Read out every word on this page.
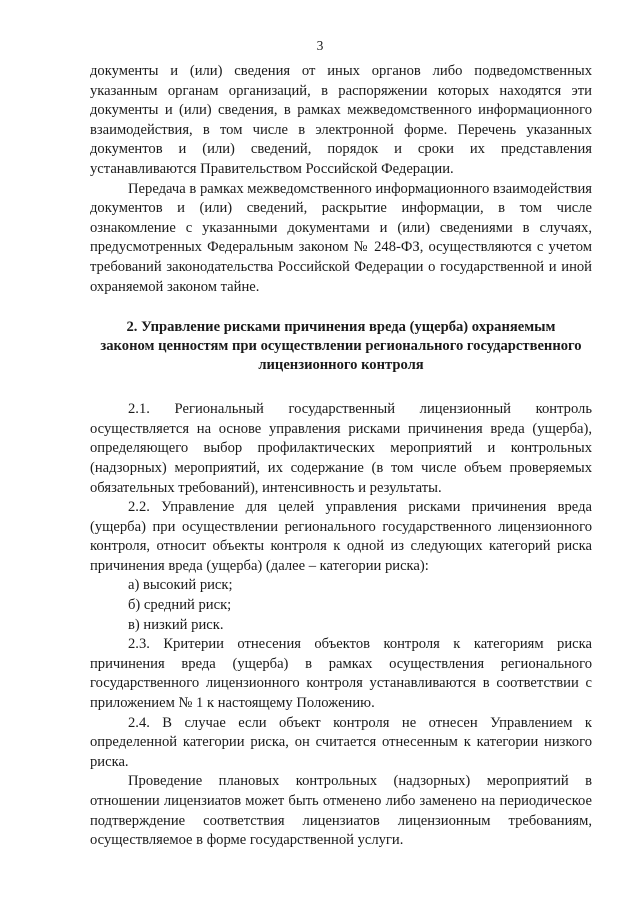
3

документы и (или) сведения от иных органов либо подведомственных указанным органам организаций, в распоряжении которых находятся эти документы и (или) сведения, в рамках межведомственного информационного взаимодействия, в том числе в электронной форме. Перечень указанных документов и (или) сведений, порядок и сроки их представления устанавливаются Правительством Российской Федерации.

Передача в рамках межведомственного информационного взаимодействия документов и (или) сведений, раскрытие информации, в том числе ознакомление с указанными документами и (или) сведениями в случаях, предусмотренных Федеральным законом № 248-ФЗ, осуществляются с учетом требований законодательства Российской Федерации о государственной и иной охраняемой законом тайне.

2. Управление рисками причинения вреда (ущерба) охраняемым
законом ценностям при осуществлении регионального государственного
лицензионного контроля

2.1. Региональный государственный лицензионный контроль осуществляется на основе управления рисками причинения вреда (ущерба), определяющего выбор профилактических мероприятий и контрольных (надзорных) мероприятий, их содержание (в том числе объем проверяемых обязательных требований), интенсивность и результаты.

2.2. Управление для целей управления рисками причинения вреда (ущерба) при осуществлении регионального государственного лицензионного контроля, относит объекты контроля к одной из следующих категорий риска причинения вреда (ущерба) (далее – категории риска):

а) высокий риск;

б) средний риск;

в) низкий риск.

2.3. Критерии отнесения объектов контроля к категориям риска причинения вреда (ущерба) в рамках осуществления регионального государственного лицензионного контроля устанавливаются в соответствии с приложением № 1 к настоящему Положению.

2.4. В случае если объект контроля не отнесен Управлением к определенной категории риска, он считается отнесенным к категории низкого риска.

Проведение плановых контрольных (надзорных) мероприятий в отношении лицензиатов может быть отменено либо заменено на периодическое подтверждение соответствия лицензиатов лицензионным требованиям, осуществляемое в форме государственной услуги.
